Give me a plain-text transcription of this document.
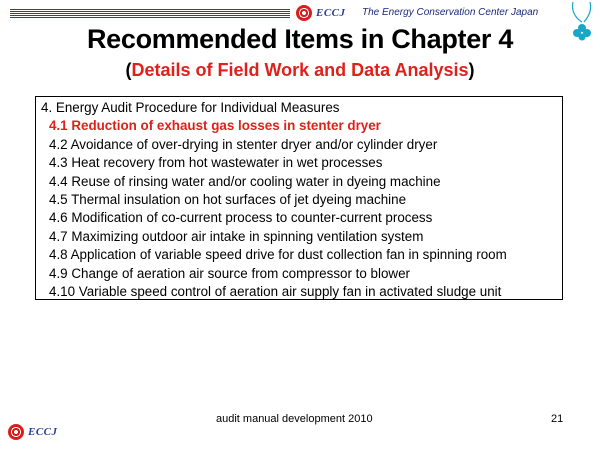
ECCJ The Energy Conservation Center Japan
Recommended Items in Chapter 4
(Details of Field Work and Data Analysis)
4. Energy Audit Procedure for Individual Measures
4.1 Reduction of exhaust gas losses in stenter dryer
4.2 Avoidance of over-drying in stenter dryer and/or cylinder dryer
4.3 Heat recovery from hot wastewater in wet processes
4.4 Reuse of rinsing water and/or cooling water in dyeing machine
4.5 Thermal insulation on hot surfaces of jet dyeing machine
4.6 Modification of co-current process to counter-current process
4.7 Maximizing outdoor air intake in spinning ventilation system
4.8 Application of variable speed drive for dust collection fan in spinning room
4.9 Change of aeration air source from compressor to blower
4.10 Variable speed control of aeration air supply fan in activated sludge unit
ECCJ
audit manual development 2010	21
